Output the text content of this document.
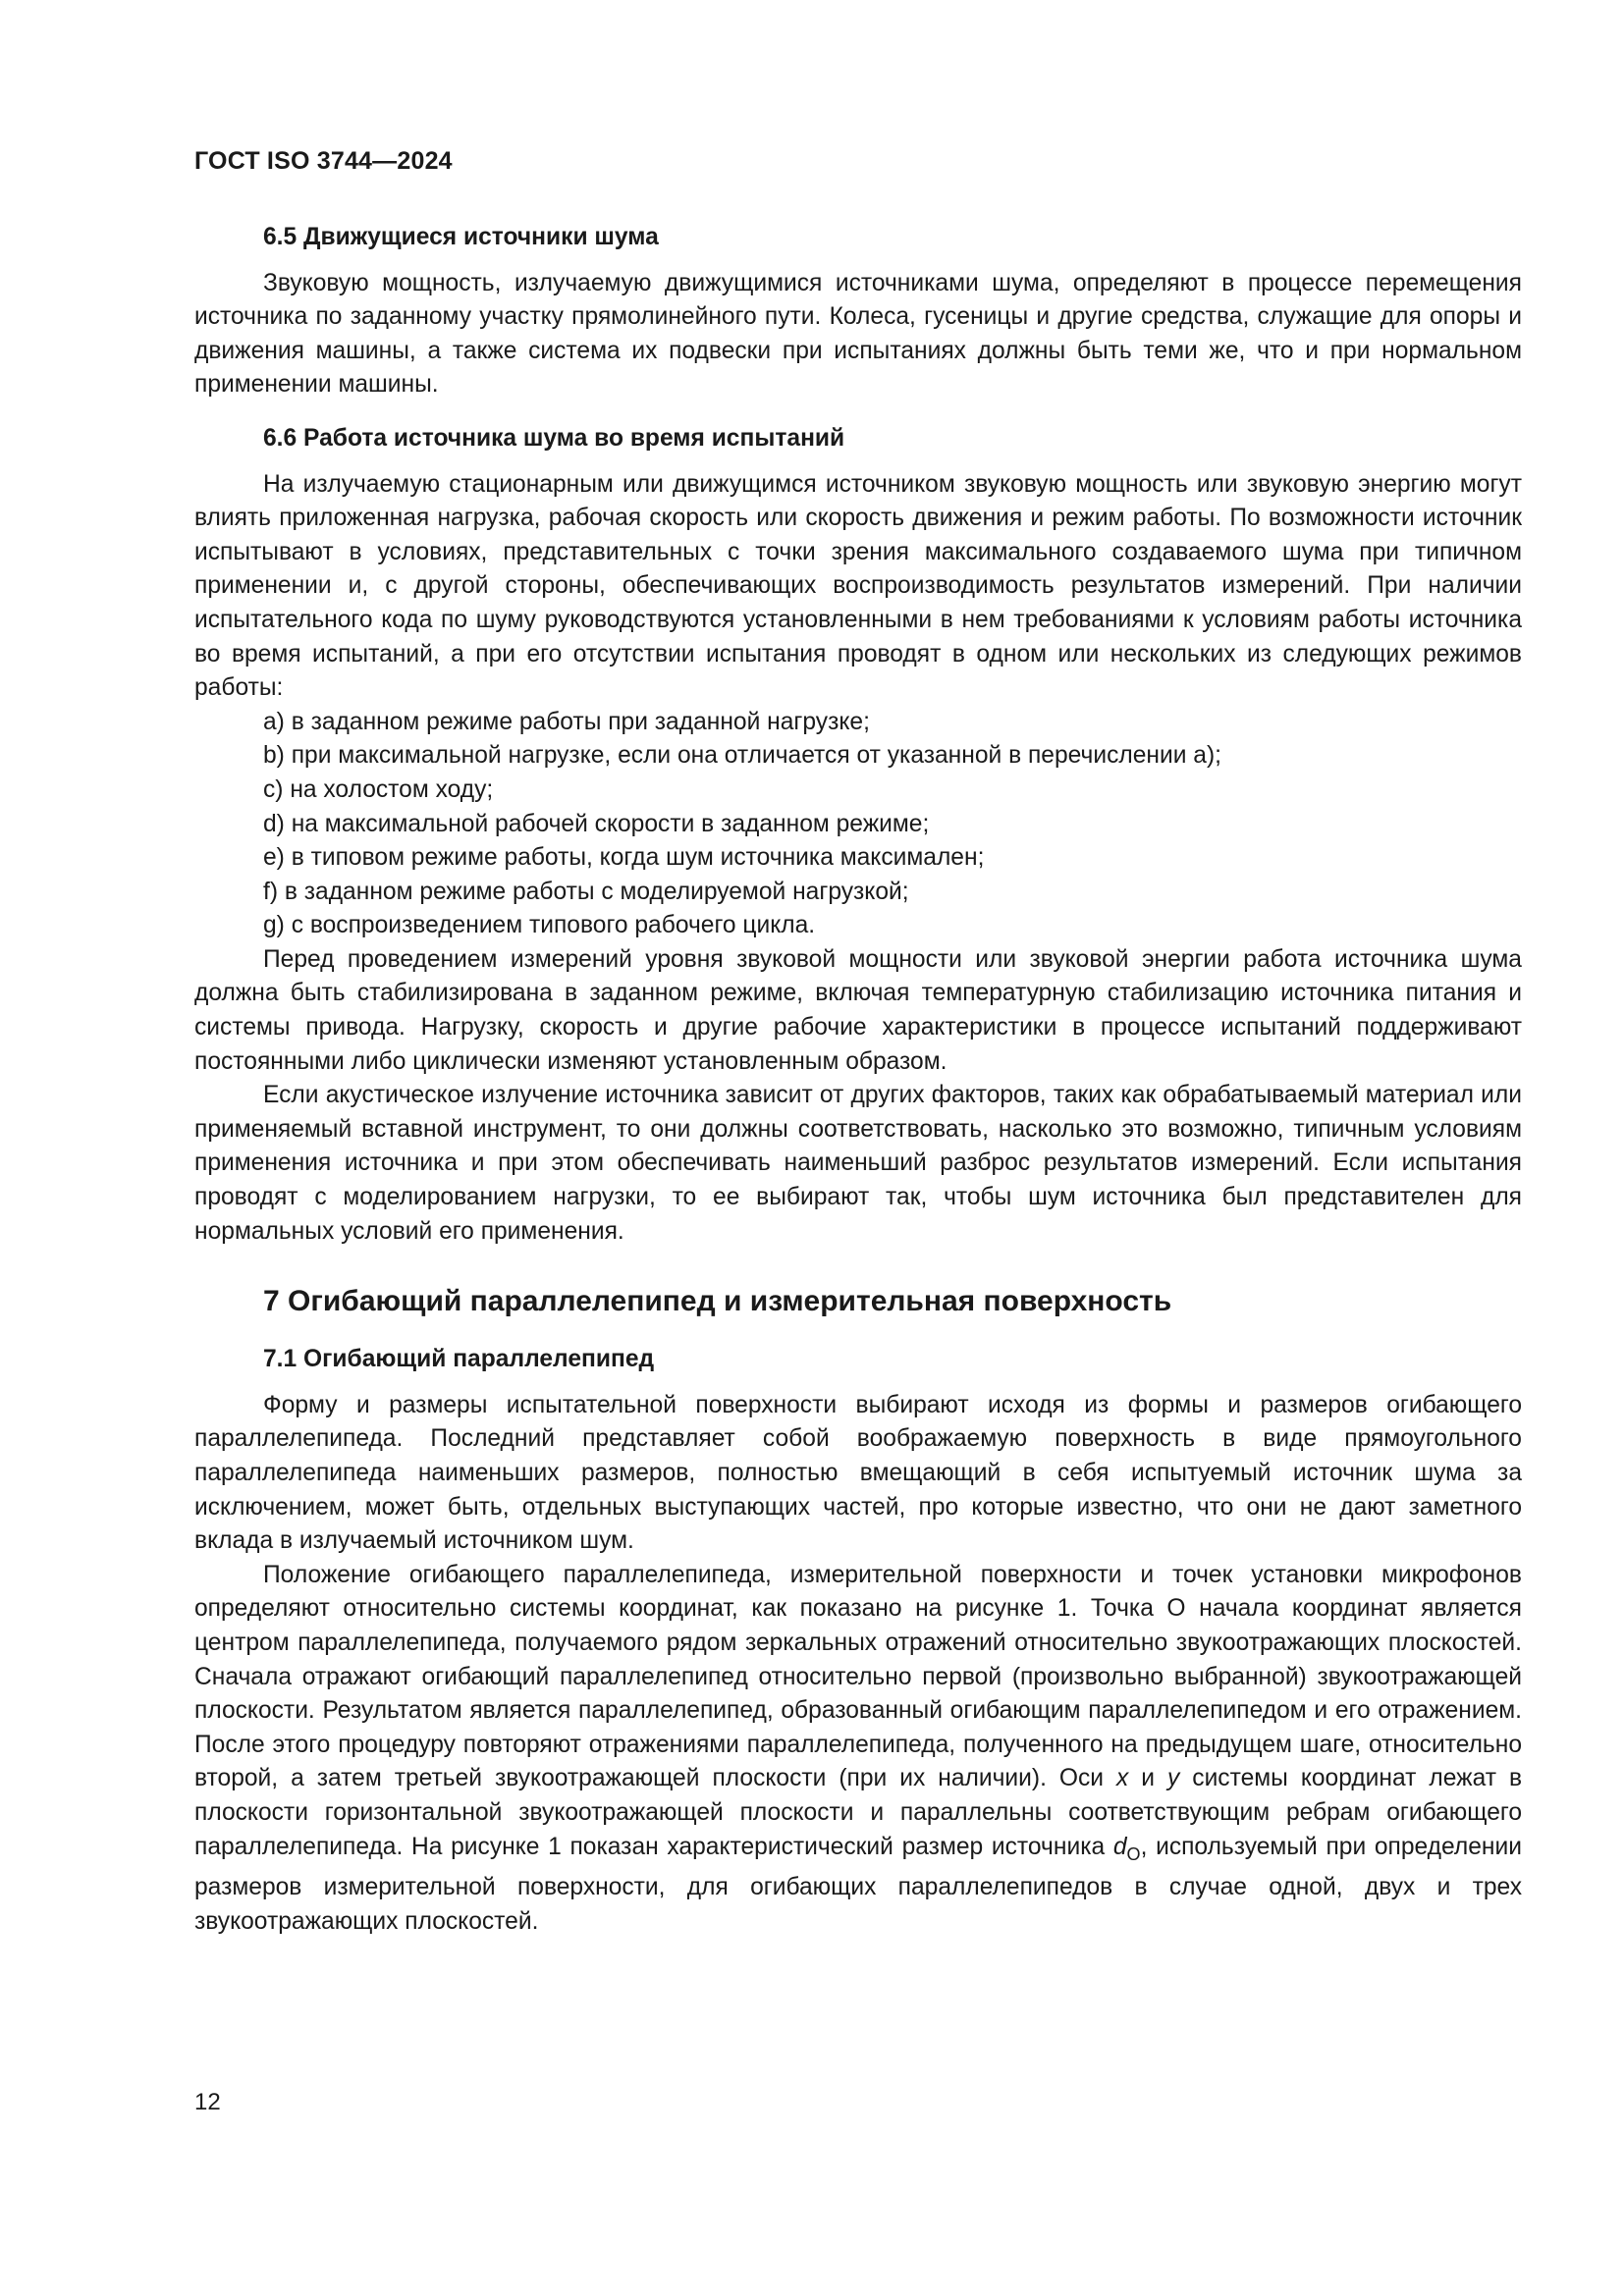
ГОСТ ISO 3744—2024
6.5 Движущиеся источники шума

Звуковую мощность, излучаемую движущимися источниками шума, определяют в процессе перемещения источника по заданному участку прямолинейного пути. Колеса, гусеницы и другие средства, служащие для опоры и движения машины, а также система их подвески при испытаниях должны быть теми же, что и при нормальном применении машины.

6.6 Работа источника шума во время испытаний

На излучаемую стационарным или движущимся источником звуковую мощность или звуковую энергию могут влиять приложенная нагрузка, рабочая скорость или скорость движения и режим работы. По возможности источник испытывают в условиях, представительных с точки зрения максимального создаваемого шума при типичном применении и, с другой стороны, обеспечивающих воспроизводимость результатов измерений. При наличии испытательного кода по шуму руководствуются установленными в нем требованиями к условиям работы источника во время испытаний, а при его отсутствии испытания проводят в одном или нескольких из следующих режимов работы:

a) в заданном режиме работы при заданной нагрузке;
b) при максимальной нагрузке, если она отличается от указанной в перечислении а);
c) на холостом ходу;
d) на максимальной рабочей скорости в заданном режиме;
e) в типовом режиме работы, когда шум источника максимален;
f) в заданном режиме работы с моделируемой нагрузкой;
g) с воспроизведением типового рабочего цикла.

Перед проведением измерений уровня звуковой мощности или звуковой энергии работа источника шума должна быть стабилизирована в заданном режиме, включая температурную стабилизацию источника питания и системы привода. Нагрузку, скорость и другие рабочие характеристики в процессе испытаний поддерживают постоянными либо циклически изменяют установленным образом.

Если акустическое излучение источника зависит от других факторов, таких как обрабатываемый материал или применяемый вставной инструмент, то они должны соответствовать, насколько это возможно, типичным условиям применения источника и при этом обеспечивать наименьший разброс результатов измерений. Если испытания проводят с моделированием нагрузки, то ее выбирают так, чтобы шум источника был представителен для нормальных условий его применения.

7 Огибающий параллелепипед и измерительная поверхность
7.1 Огибающий параллелепипед

Форму и размеры испытательной поверхности выбирают исходя из формы и размеров огибающего параллелепипеда. Последний представляет собой воображаемую поверхность в виде прямоугольного параллелепипеда наименьших размеров, полностью вмещающий в себя испытуемый источник шума за исключением, может быть, отдельных выступающих частей, про которые известно, что они не дают заметного вклада в излучаемый источником шум.

Положение огибающего параллелепипеда, измерительной поверхности и точек установки микрофонов определяют относительно системы координат, как показано на рисунке 1. Точка О начала координат является центром параллелепипеда, получаемого рядом зеркальных отражений относительно звукоотражающих плоскостей. Сначала отражают огибающий параллелепипед относительно первой (произвольно выбранной) звукоотражающей плоскости. Результатом является параллелепипед, образованный огибающим параллелепипедом и его отражением. После этого процедуру повторяют отражениями параллелепипеда, полученного на предыдущем шаге, относительно второй, а затем третьей звукоотражающей плоскости (при их наличии). Оси x и y системы координат лежат в плоскости горизонтальной звукоотражающей плоскости и параллельны соответствующим ребрам огибающего параллелепипеда. На рисунке 1 показан характеристический размер источника $d_O$, используемый при определении размеров измерительной поверхности, для огибающих параллелепипедов в случае одной, двух и трех звукоотражающих плоскостей.

12
